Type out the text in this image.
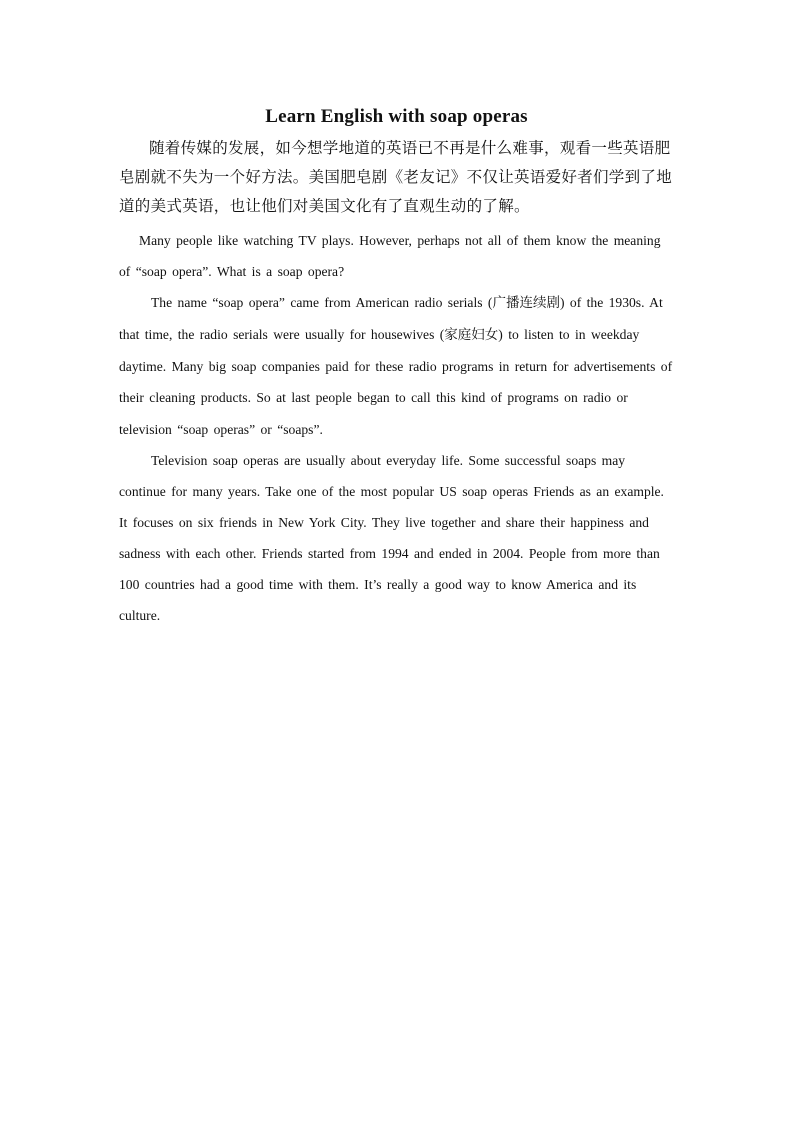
Learn English with soap operas

随着传媒的发展，如今想学地道的英语已不再是什么难事，观看一些英语肥皂剧就不失为一个好方法。美国肥皂剧《老友记》不仅让英语爱好者们学到了地道的美式英语，也让他们对美国文化有了直观生动的了解。

Many people like watching TV plays. However, perhaps not all of them know the meaning of “soap opera”. What is a soap opera?

The name “soap opera” came from American radio serials (广播连续剧) of the 1930s. At that time, the radio serials were usually for housewives (家庭妇女) to listen to in weekday daytime. Many big soap companies paid for these radio programs in return for advertisements of their cleaning products. So at last people began to call this kind of programs on radio or television “soap operas” or “soaps”.

Television soap operas are usually about everyday life. Some successful soaps may continue for many years. Take one of the most popular US soap operas Friends as an example. It focuses on six friends in New York City. They live together and share their happiness and sadness with each other. Friends started from 1994 and ended in 2004. People from more than 100 countries had a good time with them. It’s really a good way to know America and its culture.
